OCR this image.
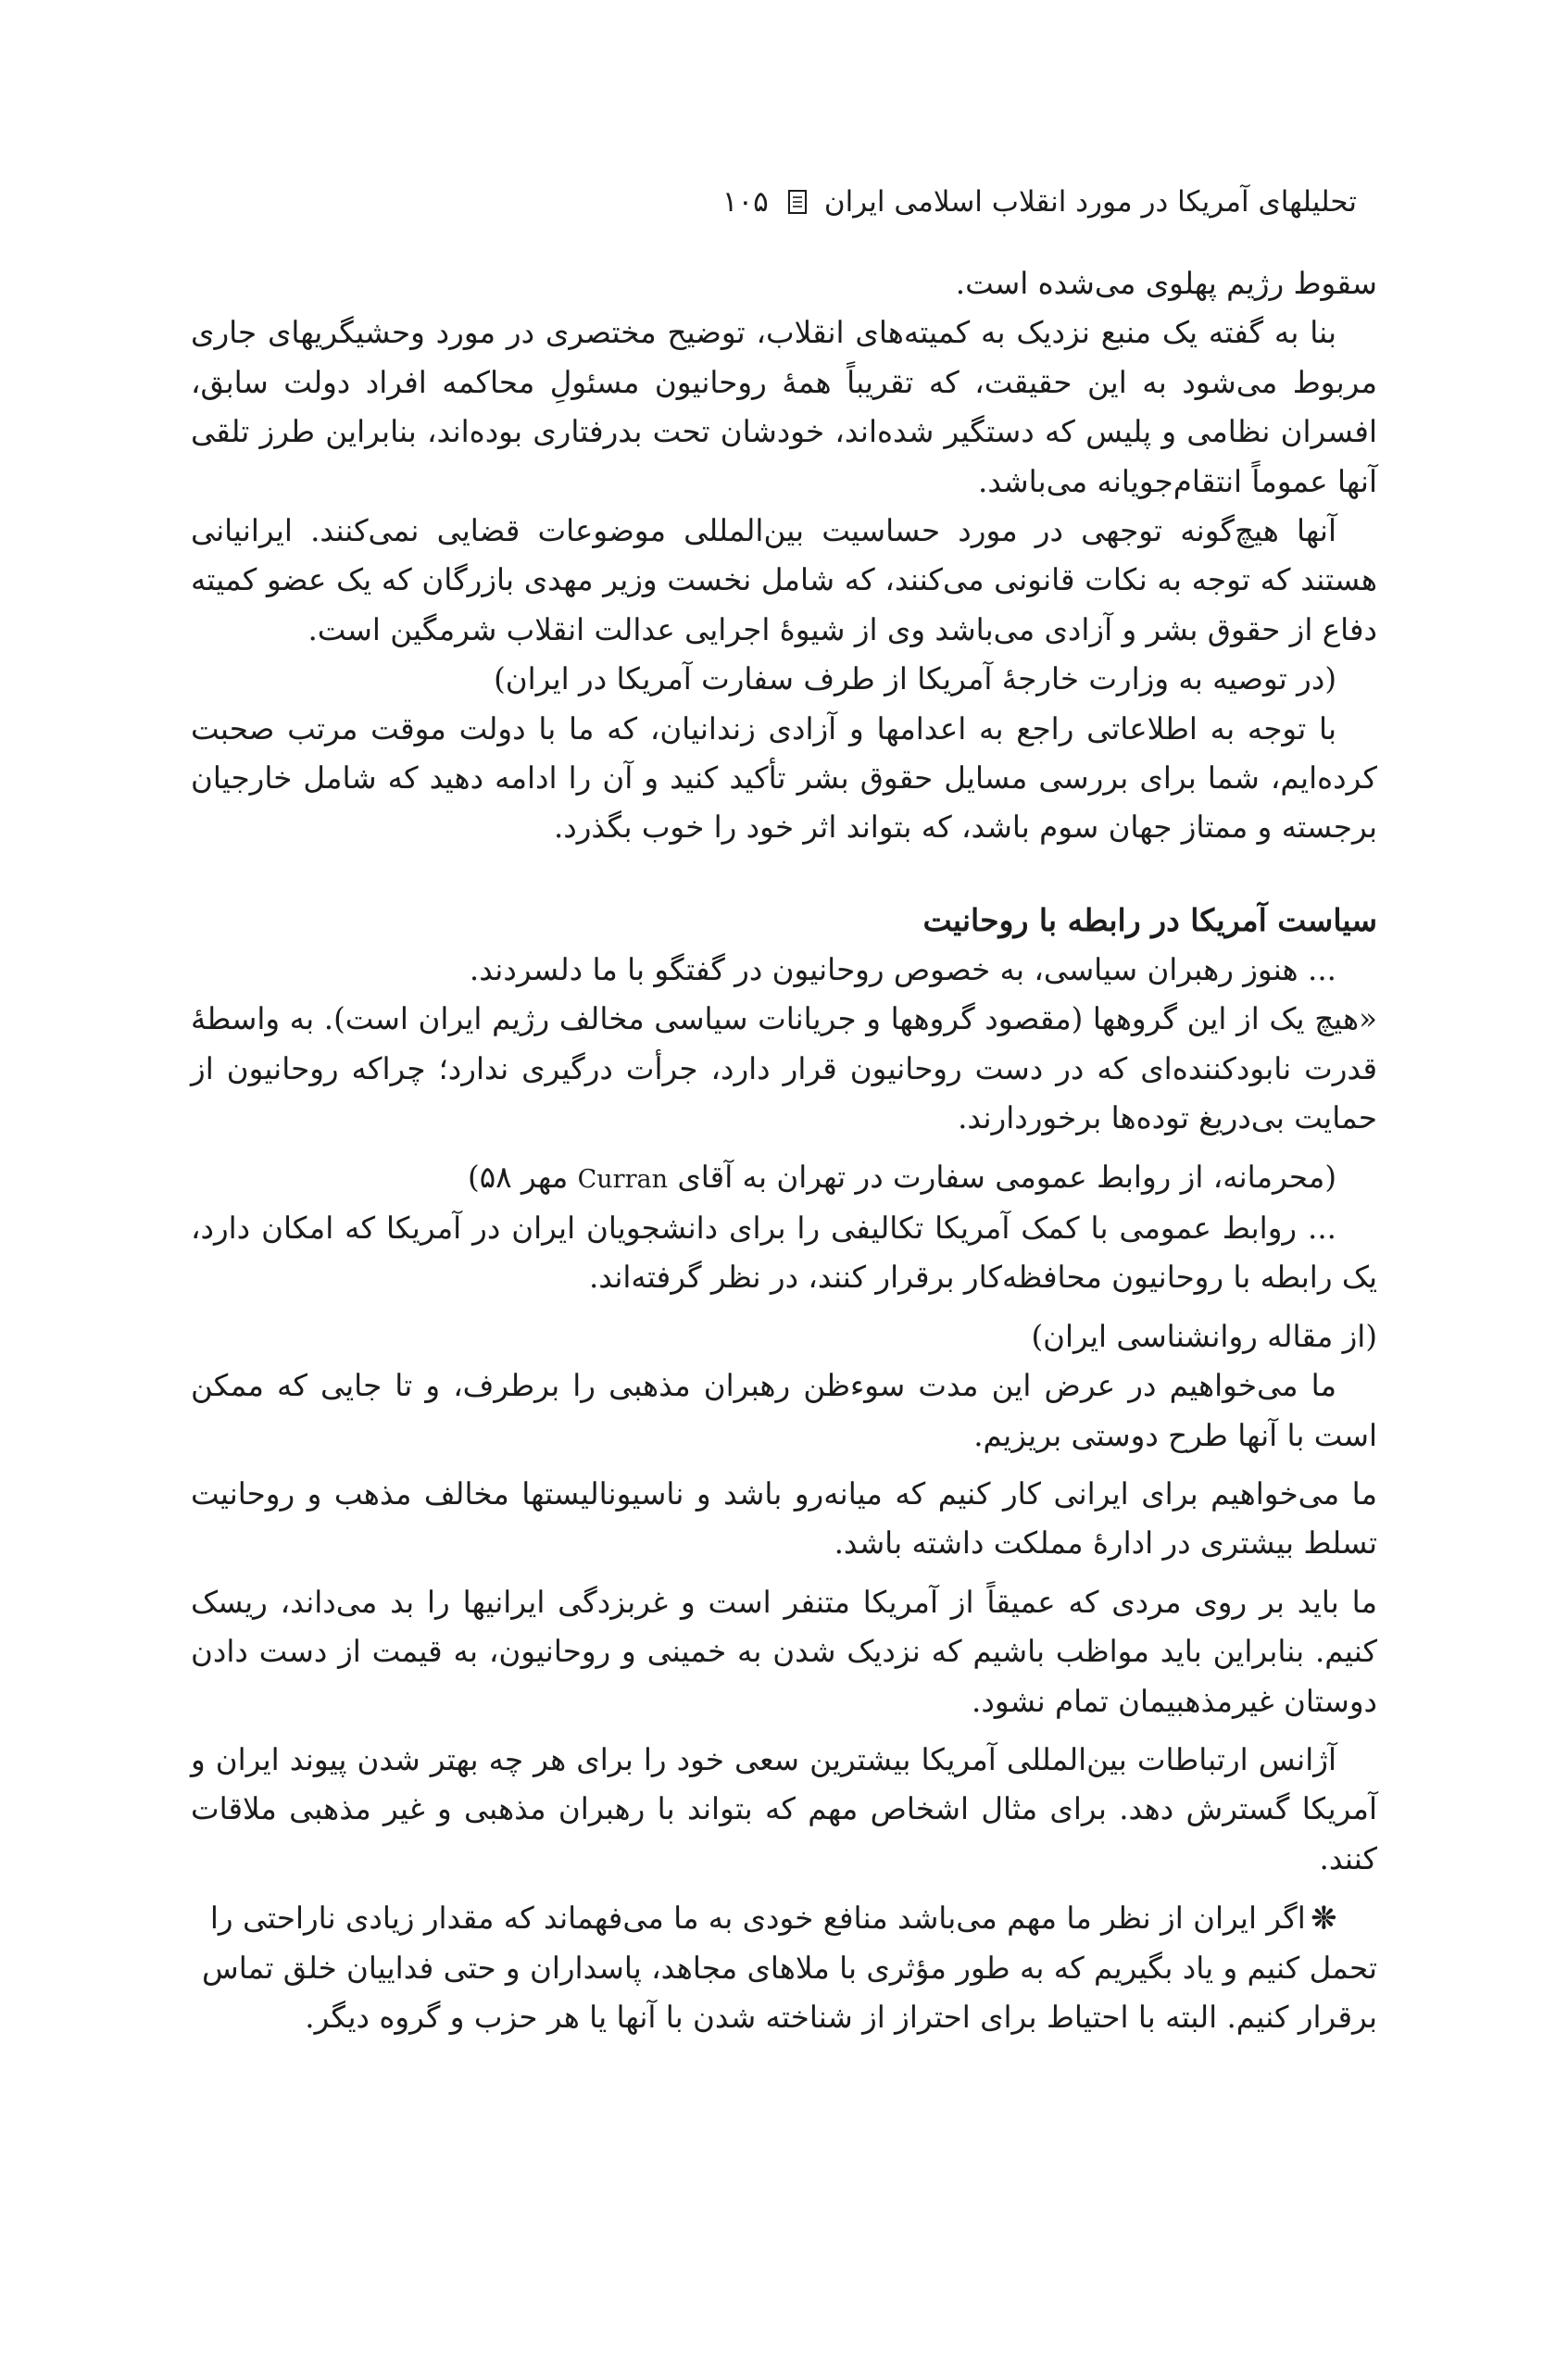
۱۰۵ تحلیلهای آمریکا در مورد انقلاب اسلامی ایران

سقوط رژیم پهلوی می‌شده است.

بنا به گفته یک منبع نزدیک به کمیته‌های انقلاب، توضیح مختصری در مورد وحشیگریهای جاری مربوط می‌شود به این حقیقت، که تقریباً همهٔ روحانیون مسئولِ محاکمه افراد دولت سابق، افسران نظامی و پلیس که دستگیر شده‌اند، خودشان تحت بدرفتاری بوده‌اند، بنابراین طرز تلقی آنها عموماً انتقام‌جویانه می‌باشد.

آنها هیچ‌گونه توجهی در مورد حساسیت بین‌المللی موضوعات قضایی نمی‌کنند. ایرانیانی هستند که توجه به نکات قانونی می‌کنند، که شامل نخست وزیر مهدی بازرگان که یک عضو کمیته دفاع از حقوق بشر و آزادی می‌باشد وی از شیوهٔ اجرایی عدالت انقلاب شرمگین است.

(در توصیه به وزارت خارجهٔ آمریکا از طرف سفارت آمریکا در ایران)

با توجه به اطلاعاتی راجع به اعدامها و آزادی زندانیان، که ما با دولت موقت مرتب صحبت کرده‌ایم، شما برای بررسی مسایل حقوق بشر تأکید کنید و آن را ادامه دهید که شامل خارجیان برجسته و ممتاز جهان سوم باشد، که بتواند اثر خود را خوب بگذرد.

سیاست آمریکا در رابطه با روحانیت

... هنوز رهبران سیاسی، به خصوص روحانیون در گفتگو با ما دلسردند.

«هیچ یک از این گروهها (مقصود گروهها و جریانات سیاسی مخالف رژیم ایران است). به واسطهٔ قدرت نابودکننده‌ای که در دست روحانیون قرار دارد، جرأت درگیری ندارد؛ چراکه روحانیون از حمایت بی‌دریغ توده‌ها برخوردارند.

(محرمانه، از روابط عمومی سفارت در تهران به آقای Curran مهر ۵۸)

... روابط عمومی با کمک آمریکا تکالیفی را برای دانشجویان ایران در آمریکا که امکان دارد، یک رابطه با روحانیون محافظه‌کار برقرار کنند، در نظر گرفته‌اند.

(از مقاله روانشناسی ایران)

ما می‌خواهیم در عرض این مدت سوءظن رهبران مذهبی را برطرف، و تا جایی که ممکن است با آنها طرح دوستی بریزیم.

ما می‌خواهیم برای ایرانی کار کنیم که میانه‌رو باشد و ناسیونالیستها مخالف مذهب و روحانیت تسلط بیشتری در ادارهٔ مملکت داشته باشد.

ما باید بر روی مردی که عمیقاً از آمریکا متنفر است و غربزدگی ایرانیها را بد می‌داند، ریسک کنیم. بنابراین باید مواظب باشیم که نزدیک شدن به خمینی و روحانیون، به قیمت از دست دادن دوستان غیرمذهبیمان تمام نشود.

آژانس ارتباطات بین‌المللی آمریکا بیشترین سعی خود را برای هر چه بهتر شدن پیوند ایران و آمریکا گسترش دهد. برای مثال اشخاص مهم که بتواند با رهبران مذهبی و غیر مذهبی ملاقات کنند.

❊اگر ایران از نظر ما مهم می‌باشد منافع خودی به ما می‌فهماند که مقدار زیادی ناراحتی را تحمل کنیم و یاد بگیریم که به طور مؤثری با ملاهای مجاهد، پاسداران و حتی فداییان خلق تماس برقرار کنیم. البته با احتیاط برای احتراز از شناخته شدن با آنها یا هر حزب و گروه دیگر.
